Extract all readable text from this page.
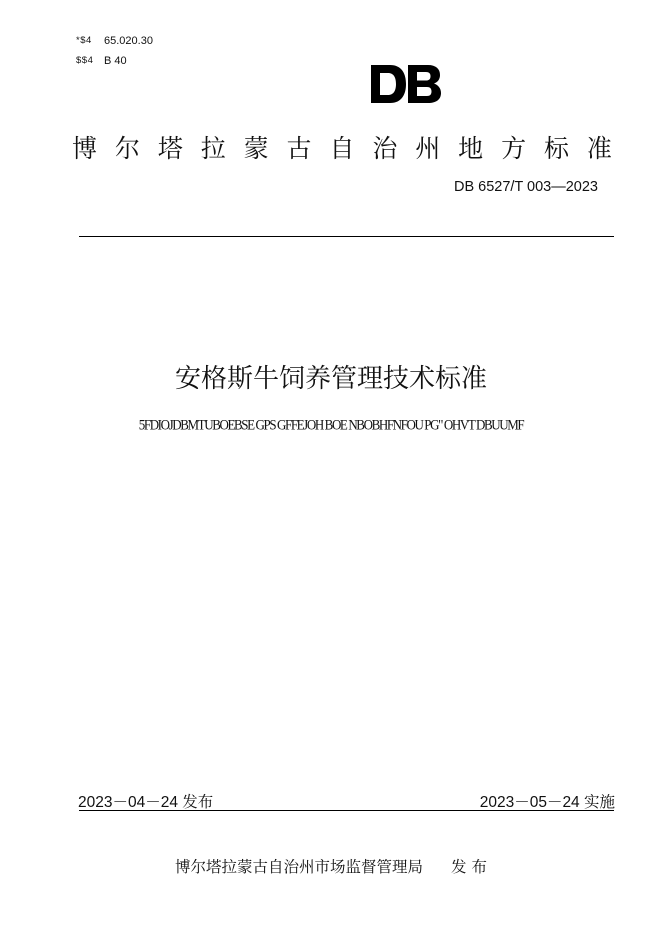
*$4	65.020.30
$$4 B 40
博 尔 塔 拉 蒙 古 自 治 州 地 方 标 准
DB 6527/T 003—2023
安格斯牛饲养管理技术标准
5FDIOJDBMTUBOEBSE GPS GFFEJOH BOE NBOBHFNFOU PG" OHVT DBUUMF
2023－04－24 发布	2023－05－24 实施
博尔塔拉蒙古自治州市场监督管理局 发 布
